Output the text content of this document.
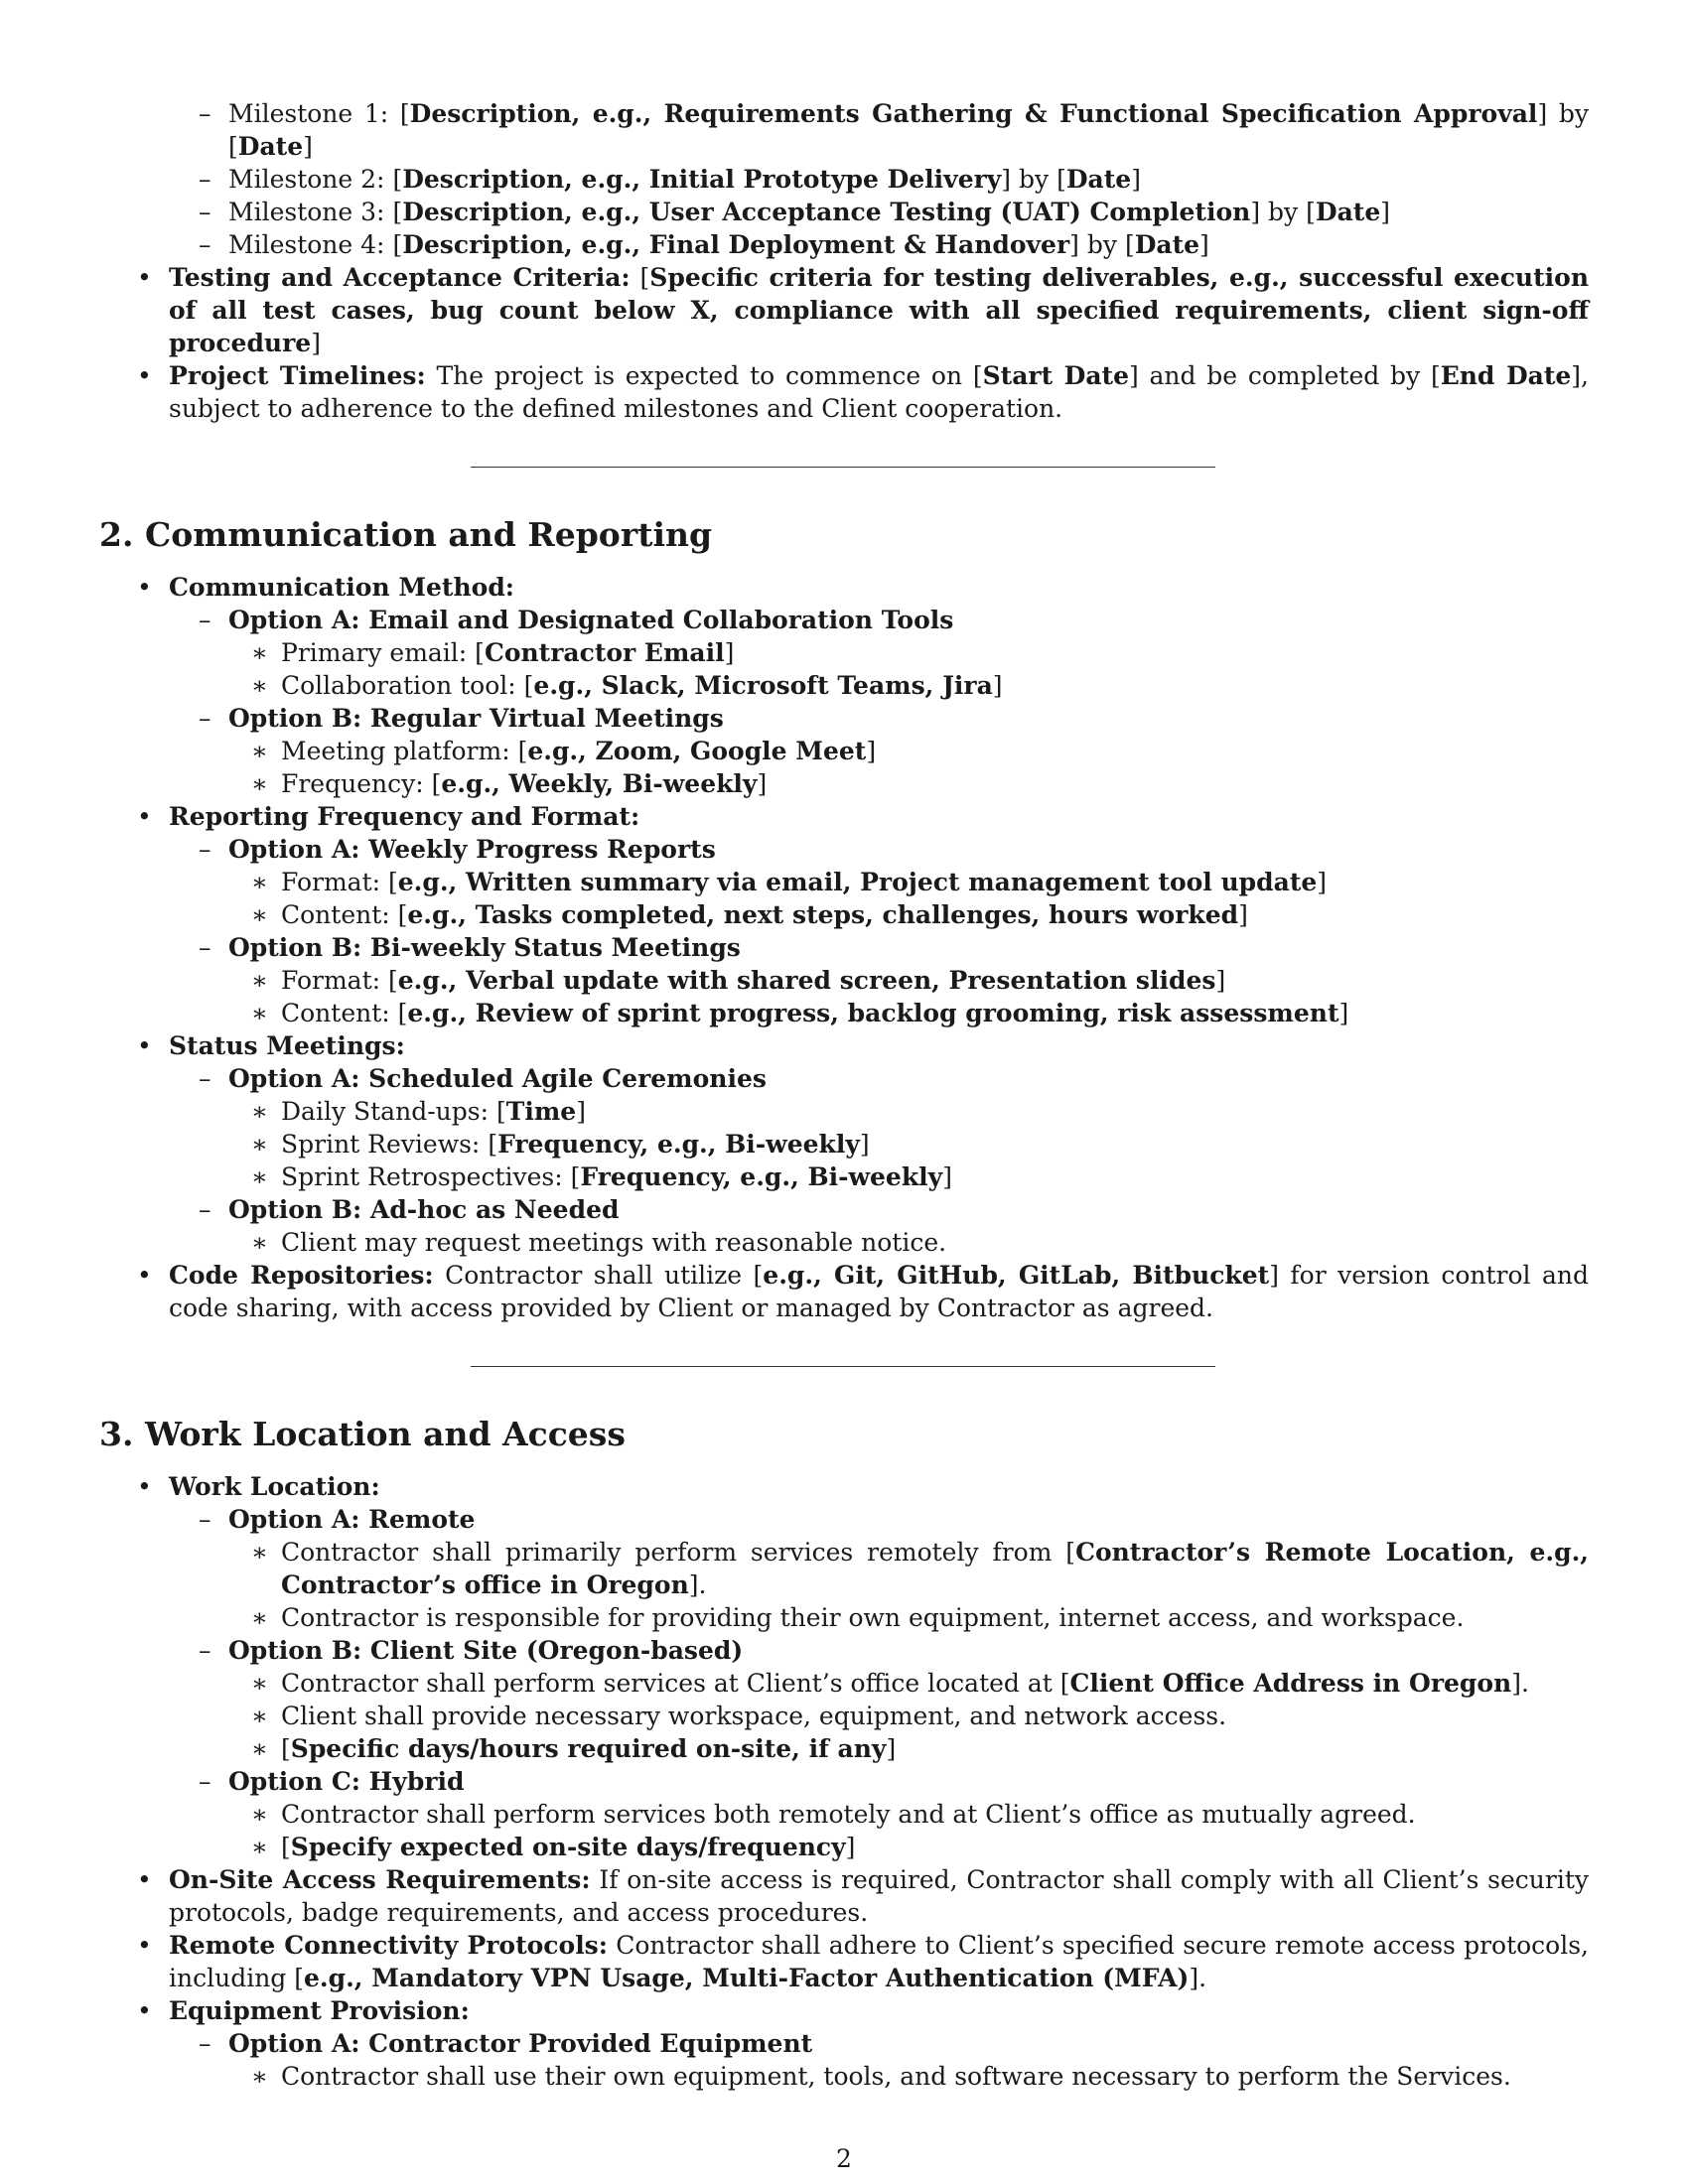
– Milestone 1: [Description, e.g., Requirements Gathering & Functional Specification Approval] by [Date]
– Milestone 2: [Description, e.g., Initial Prototype Delivery] by [Date]
– Milestone 3: [Description, e.g., User Acceptance Testing (UAT) Completion] by [Date]
– Milestone 4: [Description, e.g., Final Deployment & Handover] by [Date]
• Testing and Acceptance Criteria: [Specific criteria for testing deliverables, e.g., successful execution of all test cases, bug count below X, compliance with all specified requirements, client sign-off procedure]
• Project Timelines: The project is expected to commence on [Start Date] and be completed by [End Date], subject to adherence to the defined milestones and Client cooperation.
2. Communication and Reporting
• Communication Method:
– Option A: Email and Designated Collaboration Tools
∗ Primary email: [Contractor Email]
∗ Collaboration tool: [e.g., Slack, Microsoft Teams, Jira]
– Option B: Regular Virtual Meetings
∗ Meeting platform: [e.g., Zoom, Google Meet]
∗ Frequency: [e.g., Weekly, Bi-weekly]
• Reporting Frequency and Format:
– Option A: Weekly Progress Reports
∗ Format: [e.g., Written summary via email, Project management tool update]
∗ Content: [e.g., Tasks completed, next steps, challenges, hours worked]
– Option B: Bi-weekly Status Meetings
∗ Format: [e.g., Verbal update with shared screen, Presentation slides]
∗ Content: [e.g., Review of sprint progress, backlog grooming, risk assessment]
• Status Meetings:
– Option A: Scheduled Agile Ceremonies
∗ Daily Stand-ups: [Time]
∗ Sprint Reviews: [Frequency, e.g., Bi-weekly]
∗ Sprint Retrospectives: [Frequency, e.g., Bi-weekly]
– Option B: Ad-hoc as Needed
∗ Client may request meetings with reasonable notice.
• Code Repositories: Contractor shall utilize [e.g., Git, GitHub, GitLab, Bitbucket] for version control and code sharing, with access provided by Client or managed by Contractor as agreed.
3. Work Location and Access
• Work Location:
– Option A: Remote
∗ Contractor shall primarily perform services remotely from [Contractor’s Remote Location, e.g., Contractor’s office in Oregon].
∗ Contractor is responsible for providing their own equipment, internet access, and workspace.
– Option B: Client Site (Oregon-based)
∗ Contractor shall perform services at Client’s office located at [Client Office Address in Oregon].
∗ Client shall provide necessary workspace, equipment, and network access.
∗ [Specific days/hours required on-site, if any]
– Option C: Hybrid
∗ Contractor shall perform services both remotely and at Client’s office as mutually agreed.
∗ [Specify expected on-site days/frequency]
• On-Site Access Requirements: If on-site access is required, Contractor shall comply with all Client’s security protocols, badge requirements, and access procedures.
• Remote Connectivity Protocols: Contractor shall adhere to Client’s specified secure remote access protocols, including [e.g., Mandatory VPN Usage, Multi-Factor Authentication (MFA)].
• Equipment Provision:
– Option A: Contractor Provided Equipment
∗ Contractor shall use their own equipment, tools, and software necessary to perform the Services.
2
